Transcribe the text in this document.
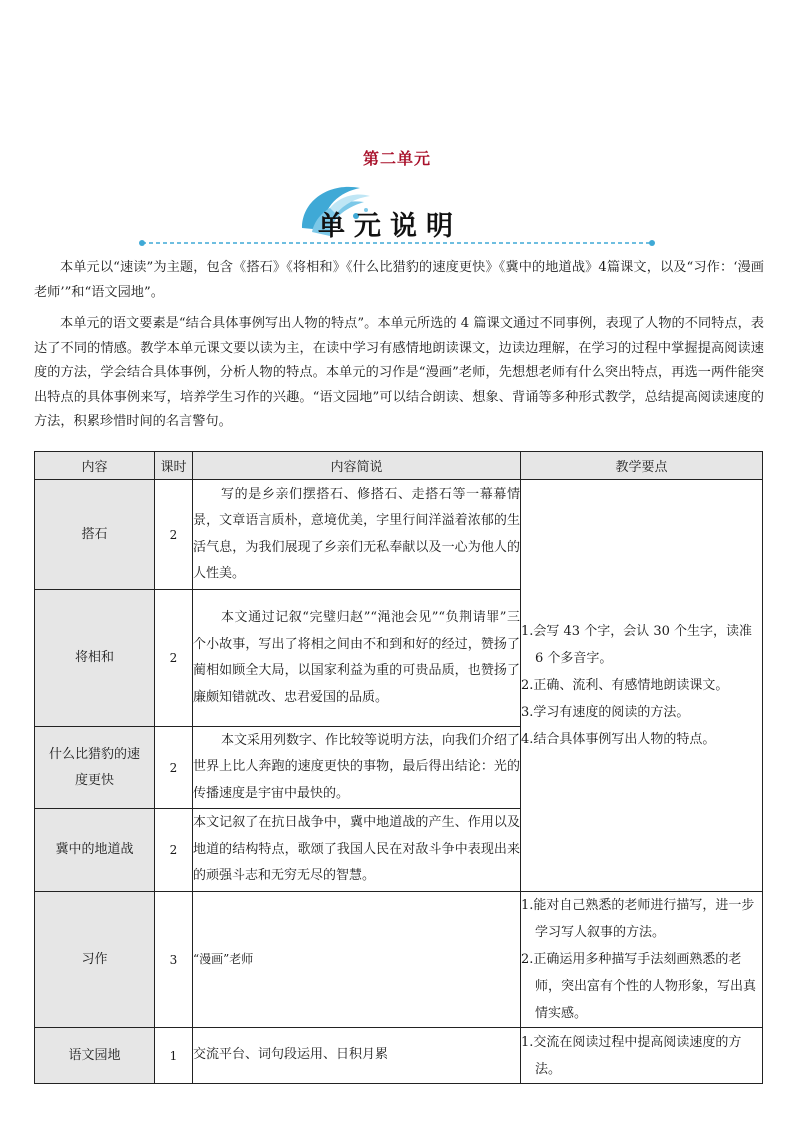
第二单元
单元说明
本单元以“速读”为主题，包含《搭石》《将相和》《什么比猎豹的速度更快》《冀中的地道战》4篇课文，以及“习作：‘漫画老师’”和“语文园地”。
本单元的语文要素是“结合具体事例写出人物的特点”。本单元所选的 4 篇课文通过不同事例，表现了人物的不同特点，表达了不同的情感。教学本单元课文要以读为主，在读中学习有感情地朗读课文，边读边理解，在学习的过程中掌握提高阅读速度的方法，学会结合具体事例，分析人物的特点。本单元的习作是“漫画”老师，先想想老师有什么突出特点，再选一两件能突出特点的具体事例来写，培养学生习作的兴趣。“语文园地”可以结合朗读、想象、背诵等多种形式教学，总结提高阅读速度的方法，积累珍惜时间的名言警句。
内容	课时	内容简说	教学要点
搭石	2	写的是乡亲们摆搭石、修搭石、走搭石等一幕幕情景，文章语言质朴，意境优美，字里行间洋溢着浓郁的生活气息，为我们展现了乡亲们无私奉献以及一心为他人的人性美。	1.会写 43 个字，会认 30 个生字，读准 6 个多音字。
2.正确、流利、有感情地朗读课文。
3.学习有速度的阅读的方法。
4.结合具体事例写出人物的特点。

将相和	2	本文通过记叙“完璧归赵”“渑池会见”“负荆请罪”三个小故事，写出了将相之间由不和到和好的经过，赞扬了蔺相如顾全大局，以国家利益为重的可贵品质，也赞扬了廉颇知错就改、忠君爱国的品质。	

什么比猎豹的速度更快	2	本文采用列数字、作比较等说明方法，向我们介绍了世界上比人奔跑的速度更快的事物，最后得出结论：光的传播速度是宇宙中最快的。	

冀中的地道战	2	本文记叙了在抗日战争中，冀中地道战的产生、作用以及地道的结构特点，歌颂了我国人民在对敌斗争中表现出来的顽强斗志和无穷无尽的智慧。	

习作	3	“漫画”老师	1.能对自己熟悉的老师进行描写，进一步学习写人叙事的方法。
2.正确运用多种描写手法刻画熟悉的老师，突出富有个性的人物形象，写出真情实感。

语文园地	1	交流平台、词句段运用、日积月累	1.交流在阅读过程中提高阅读速度的方法。
